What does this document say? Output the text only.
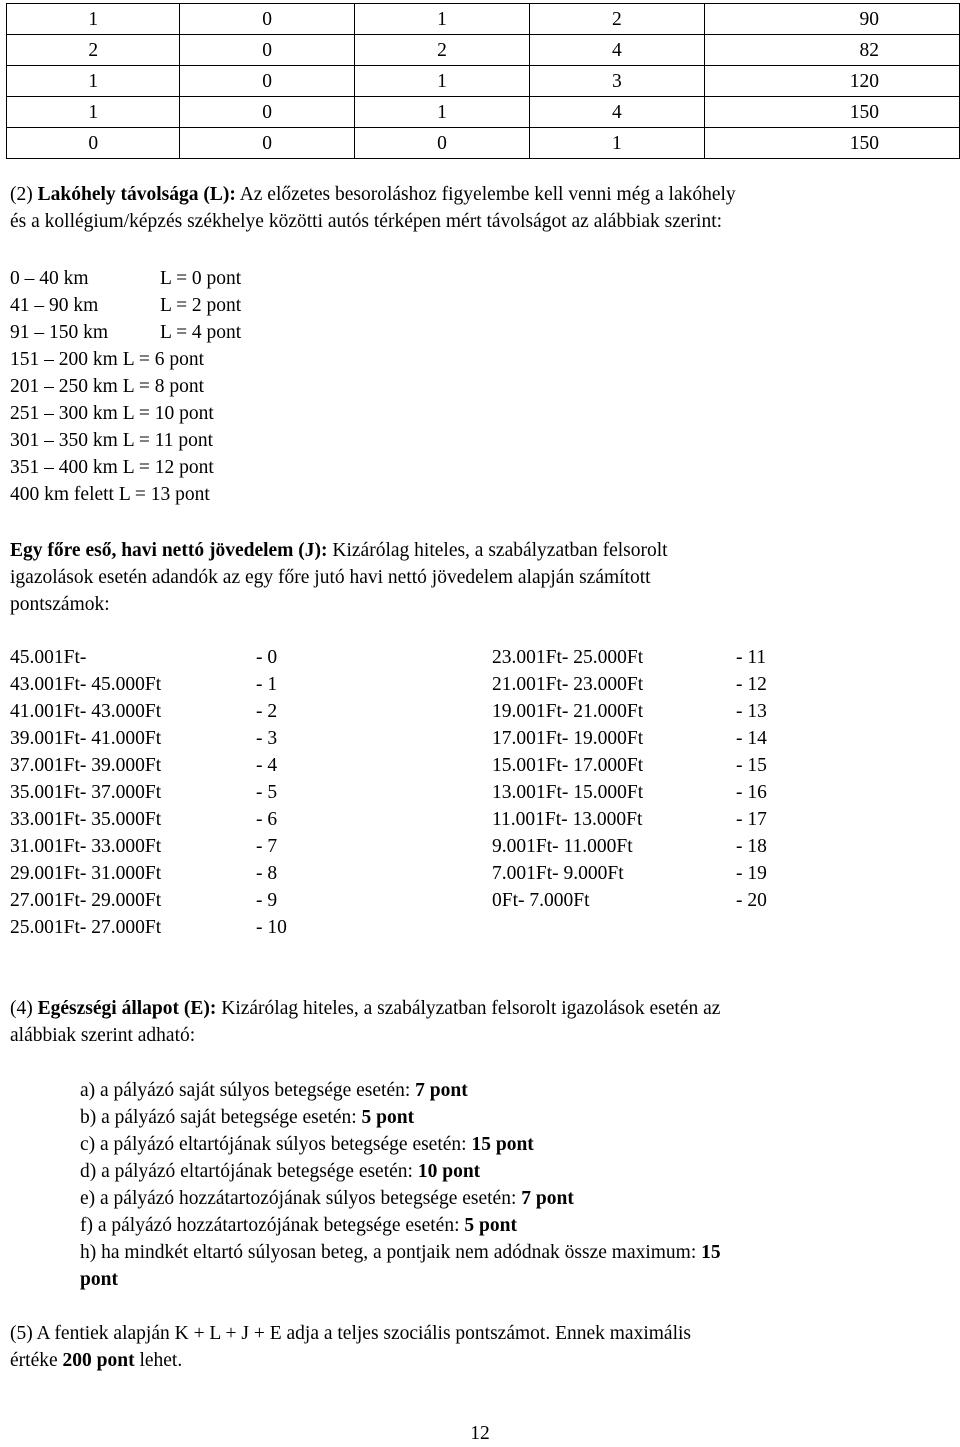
1	0	1	2	90
2	0	2	4	82
1	0	1	3	120
1	0	1	4	150
0	0	0	1	150
(2) Lakóhely távolsága (L): Az előzetes besoroláshoz figyelembe kell venni még a lakóhely
és a kollégium/képzés székhelye közötti autós térképen mért távolságot az alábbiak szerint:
0 – 40 km	L = 0 pont
41 – 90 km	L = 2 pont
91 – 150 km	L = 4 pont
151 – 200 km L = 6 pont
201 – 250 km L = 8 pont
251 – 300 km L = 10 pont
301 – 350 km L = 11 pont
351 – 400 km L = 12 pont
400 km felett L = 13 pont
Egy főre eső, havi nettó jövedelem (J): Kizárólag hiteles, a szabályzatban felsorolt
igazolások esetén adandók az egy főre jutó havi nettó jövedelem alapján számított
pontszámok:
45.001Ft-	- 0
43.001Ft- 45.000Ft	- 1
41.001Ft- 43.000Ft	- 2
39.001Ft- 41.000Ft	- 3
37.001Ft- 39.000Ft	- 4
35.001Ft- 37.000Ft	- 5
33.001Ft- 35.000Ft	- 6
31.001Ft- 33.000Ft	- 7
29.001Ft- 31.000Ft	- 8
27.001Ft- 29.000Ft	- 9
25.001Ft- 27.000Ft	- 10
23.001Ft- 25.000Ft	- 11
21.001Ft- 23.000Ft	- 12
19.001Ft- 21.000Ft	- 13
17.001Ft- 19.000Ft	- 14
15.001Ft- 17.000Ft	- 15
13.001Ft- 15.000Ft	- 16
11.001Ft- 13.000Ft	- 17
9.001Ft- 11.000Ft	- 18
7.001Ft- 9.000Ft	- 19
0Ft- 7.000Ft	- 20
(4) Egészségi állapot (E): Kizárólag hiteles, a szabályzatban felsorolt igazolások esetén az
alábbiak szerint adható:
a) a pályázó saját súlyos betegsége esetén: 7 pont
b) a pályázó saját betegsége esetén: 5 pont
c) a pályázó eltartójának súlyos betegsége esetén: 15 pont
d) a pályázó eltartójának betegsége esetén: 10 pont
e) a pályázó hozzátartozójának súlyos betegsége esetén: 7 pont
f) a pályázó hozzátartozójának betegsége esetén: 5 pont
h) ha mindkét eltartó súlyosan beteg, a pontjaik nem adódnak össze maximum: 15
pont
(5) A fentiek alapján K + L + J + E adja a teljes szociális pontszámot. Ennek maximális
értéke 200 pont lehet.
12
